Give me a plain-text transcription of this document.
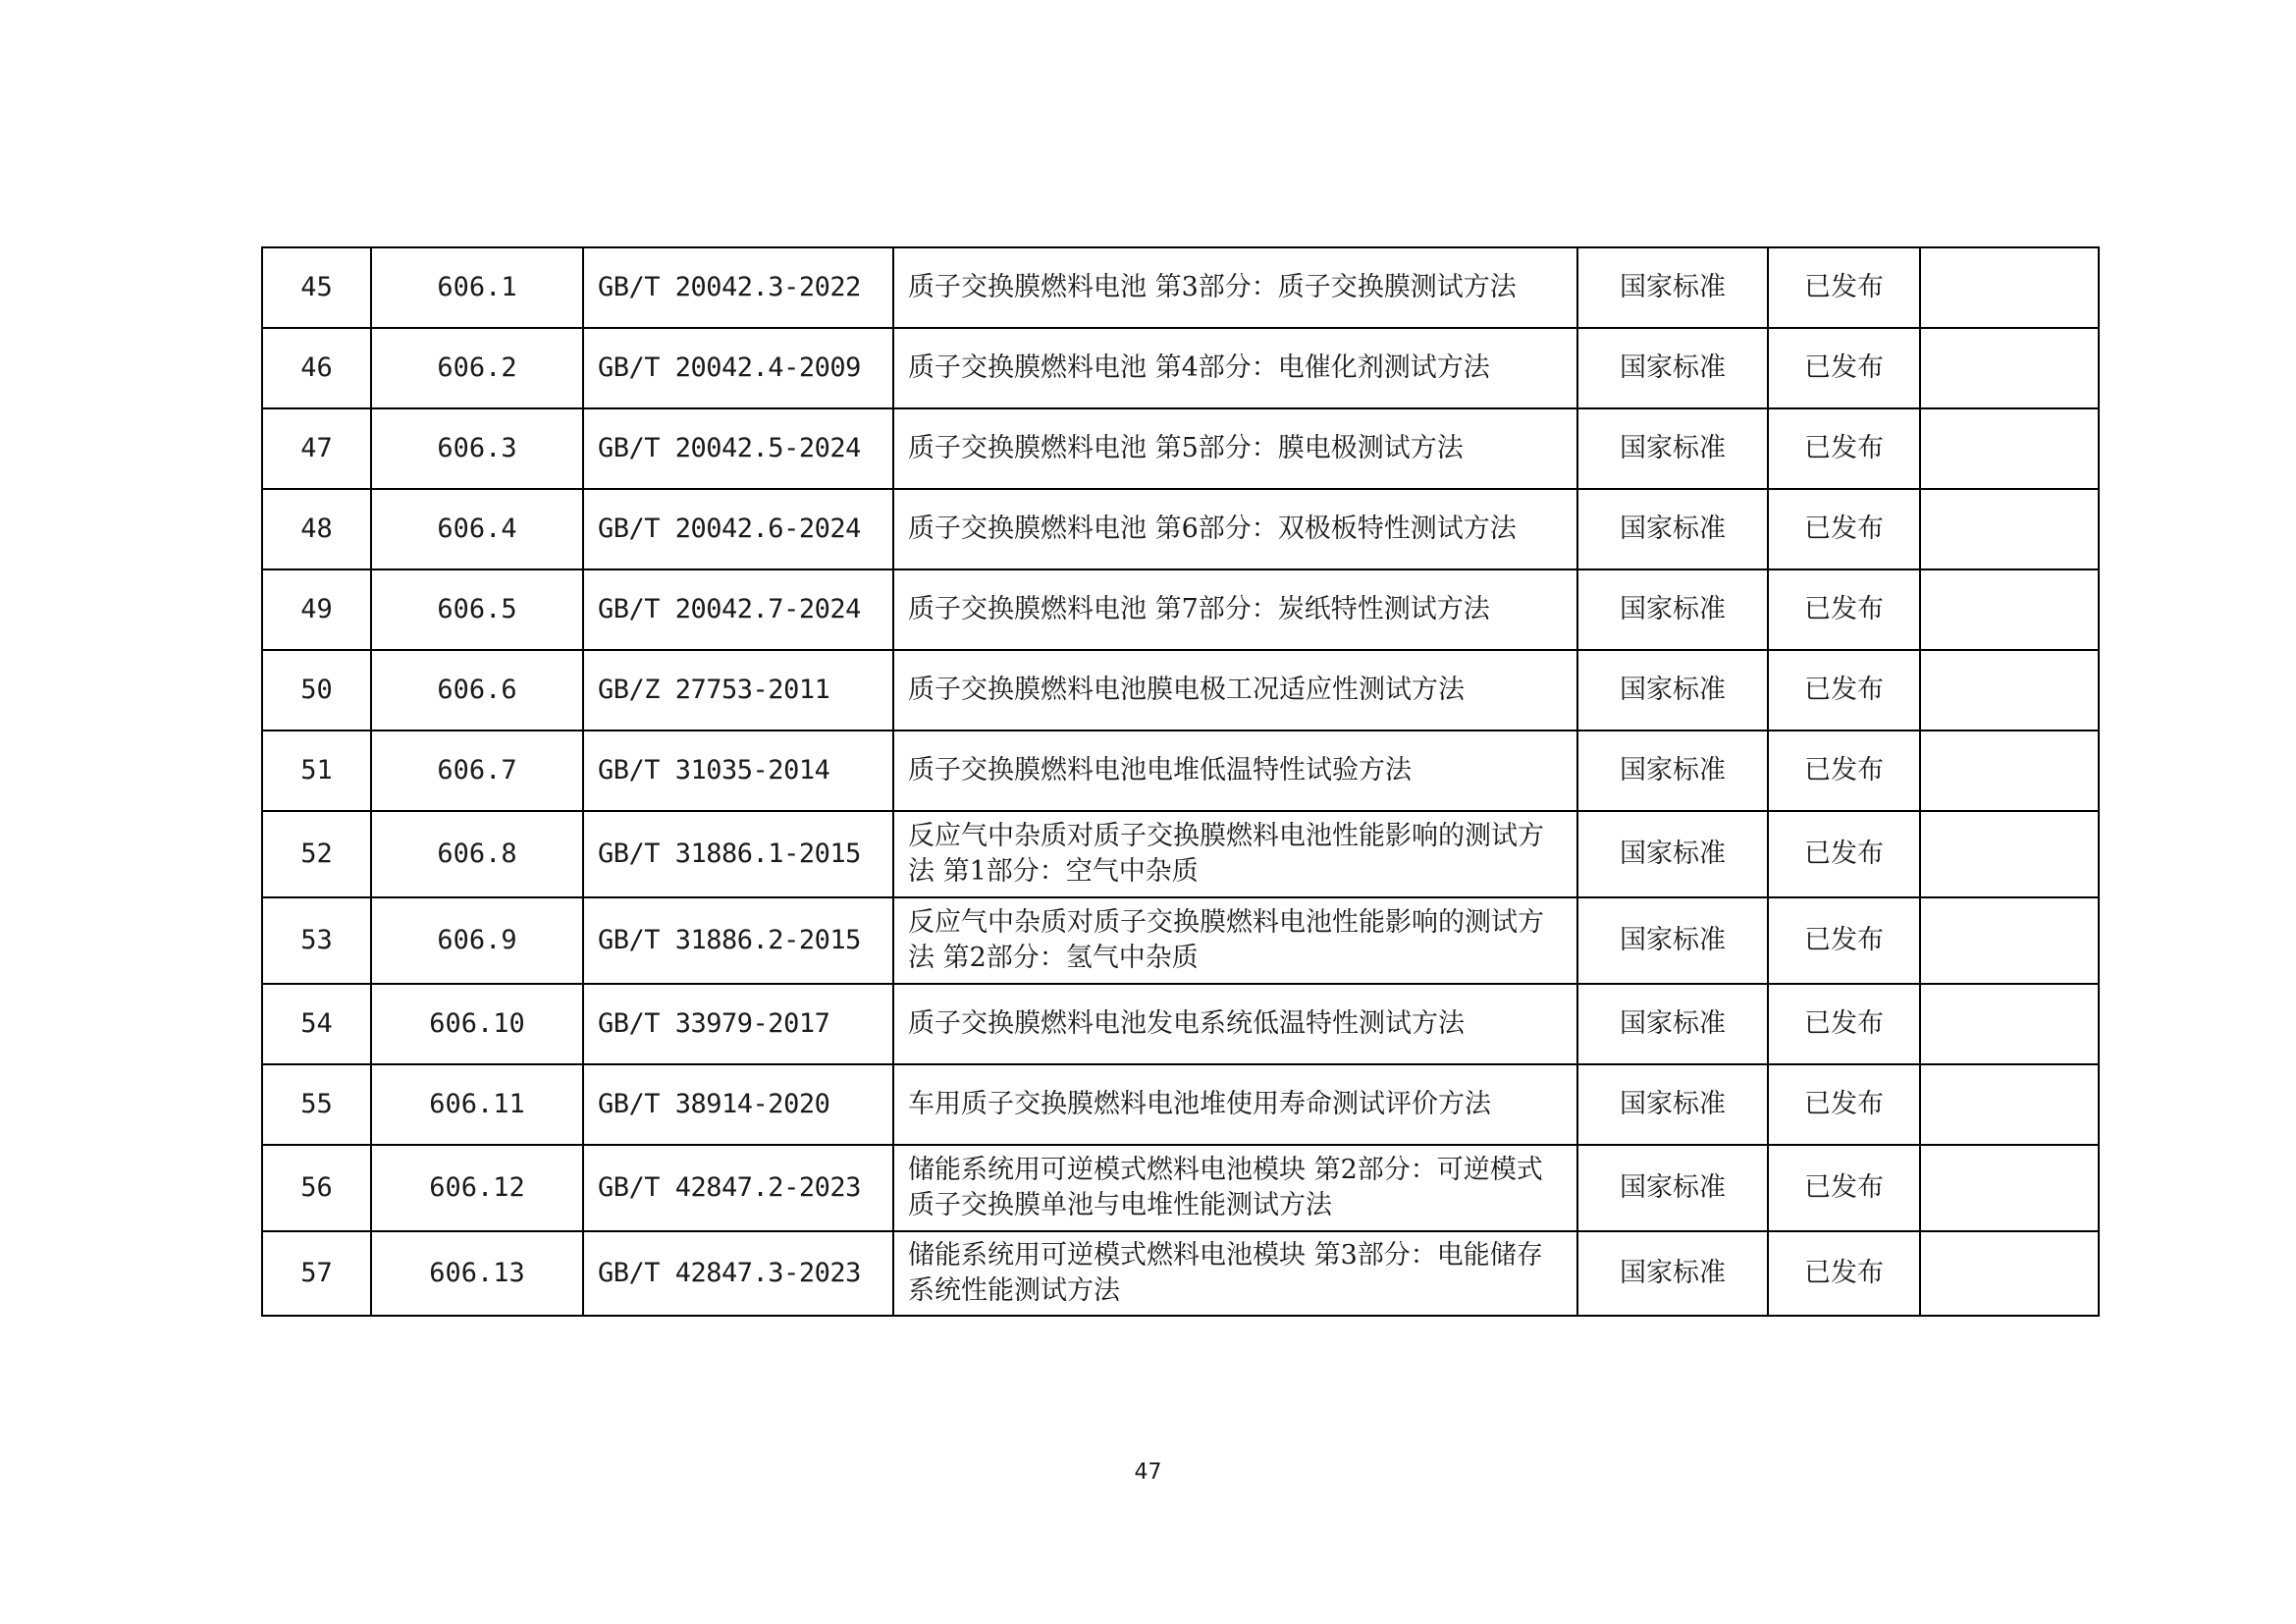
45	606.1	GB/T 20042.3-2022	质子交换膜燃料电池 第3部分：质子交换膜测试方法	国家标准	已发布	
46	606.2	GB/T 20042.4-2009	质子交换膜燃料电池 第4部分：电催化剂测试方法	国家标准	已发布	
47	606.3	GB/T 20042.5-2024	质子交换膜燃料电池 第5部分：膜电极测试方法	国家标准	已发布	
48	606.4	GB/T 20042.6-2024	质子交换膜燃料电池 第6部分：双极板特性测试方法	国家标准	已发布	
49	606.5	GB/T 20042.7-2024	质子交换膜燃料电池 第7部分：炭纸特性测试方法	国家标准	已发布	
50	606.6	GB/Z 27753-2011	质子交换膜燃料电池膜电极工况适应性测试方法	国家标准	已发布	
51	606.7	GB/T 31035-2014	质子交换膜燃料电池电堆低温特性试验方法	国家标准	已发布	
52	606.8	GB/T 31886.1-2015	反应气中杂质对质子交换膜燃料电池性能影响的测试方法 第1部分：空气中杂质	国家标准	已发布	
53	606.9	GB/T 31886.2-2015	反应气中杂质对质子交换膜燃料电池性能影响的测试方法 第2部分：氢气中杂质	国家标准	已发布	
54	606.10	GB/T 33979-2017	质子交换膜燃料电池发电系统低温特性测试方法	国家标准	已发布	
55	606.11	GB/T 38914-2020	车用质子交换膜燃料电池堆使用寿命测试评价方法	国家标准	已发布	
56	606.12	GB/T 42847.2-2023	储能系统用可逆模式燃料电池模块 第2部分：可逆模式质子交换膜单池与电堆性能测试方法	国家标准	已发布	
57	606.13	GB/T 42847.3-2023	储能系统用可逆模式燃料电池模块 第3部分：电能储存系统性能测试方法	国家标准	已发布	
47
